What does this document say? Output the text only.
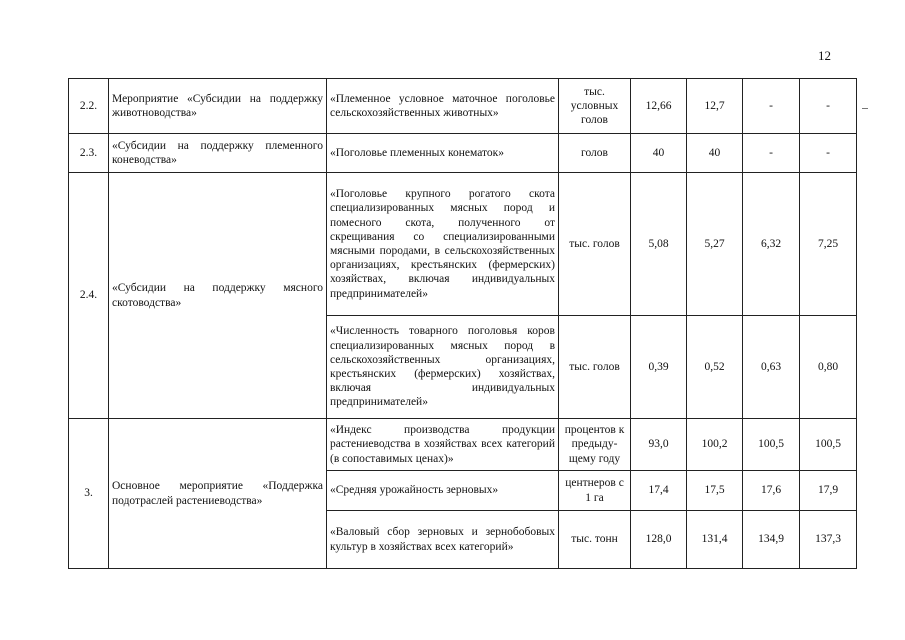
12
2.2.	Мероприятие «Субсидии на поддержку животноводства»	«Племенное условное маточное поголовье сельскохозяйственных животных»	тыс. условных голов	12,66	12,7	-	-
2.3.	«Субсидии на поддержку племенного коневодства»	«Поголовье племенных конематок»	голов	40	40	-	-
2.4.	«Субсидии на поддержку мясного скотоводства»	«Поголовье крупного рогатого скота специализированных мясных пород и помесного скота, полученного от скрещивания со специализированными мясными породами, в сельскохозяйственных организациях, крестьянских (фермерских) хозяйствах, включая индивидуальных предпринимателей»	тыс. голов	5,08	5,27	6,32	7,25
		«Численность товарного поголовья коров специализированных мясных пород в сельскохозяйственных организациях, крестьянских (фермерских) хозяйствах, включая индивидуальных предпринимателей»	тыс. голов	0,39	0,52	0,63	0,80
3.	Основное мероприятие «Поддержка подотраслей растениеводства»	«Индекс производства продукции растениеводства в хозяйствах всех категорий (в сопоставимых ценах)»	процентов к предыду-щему году	93,0	100,2	100,5	100,5
		«Средняя урожайность зерновых»	центнеров с 1 га	17,4	17,5	17,6	17,9
		«Валовый сбор зерновых и зернобобовых культур в хозяйствах всех категорий»	тыс. тонн	128,0	131,4	134,9	137,3
